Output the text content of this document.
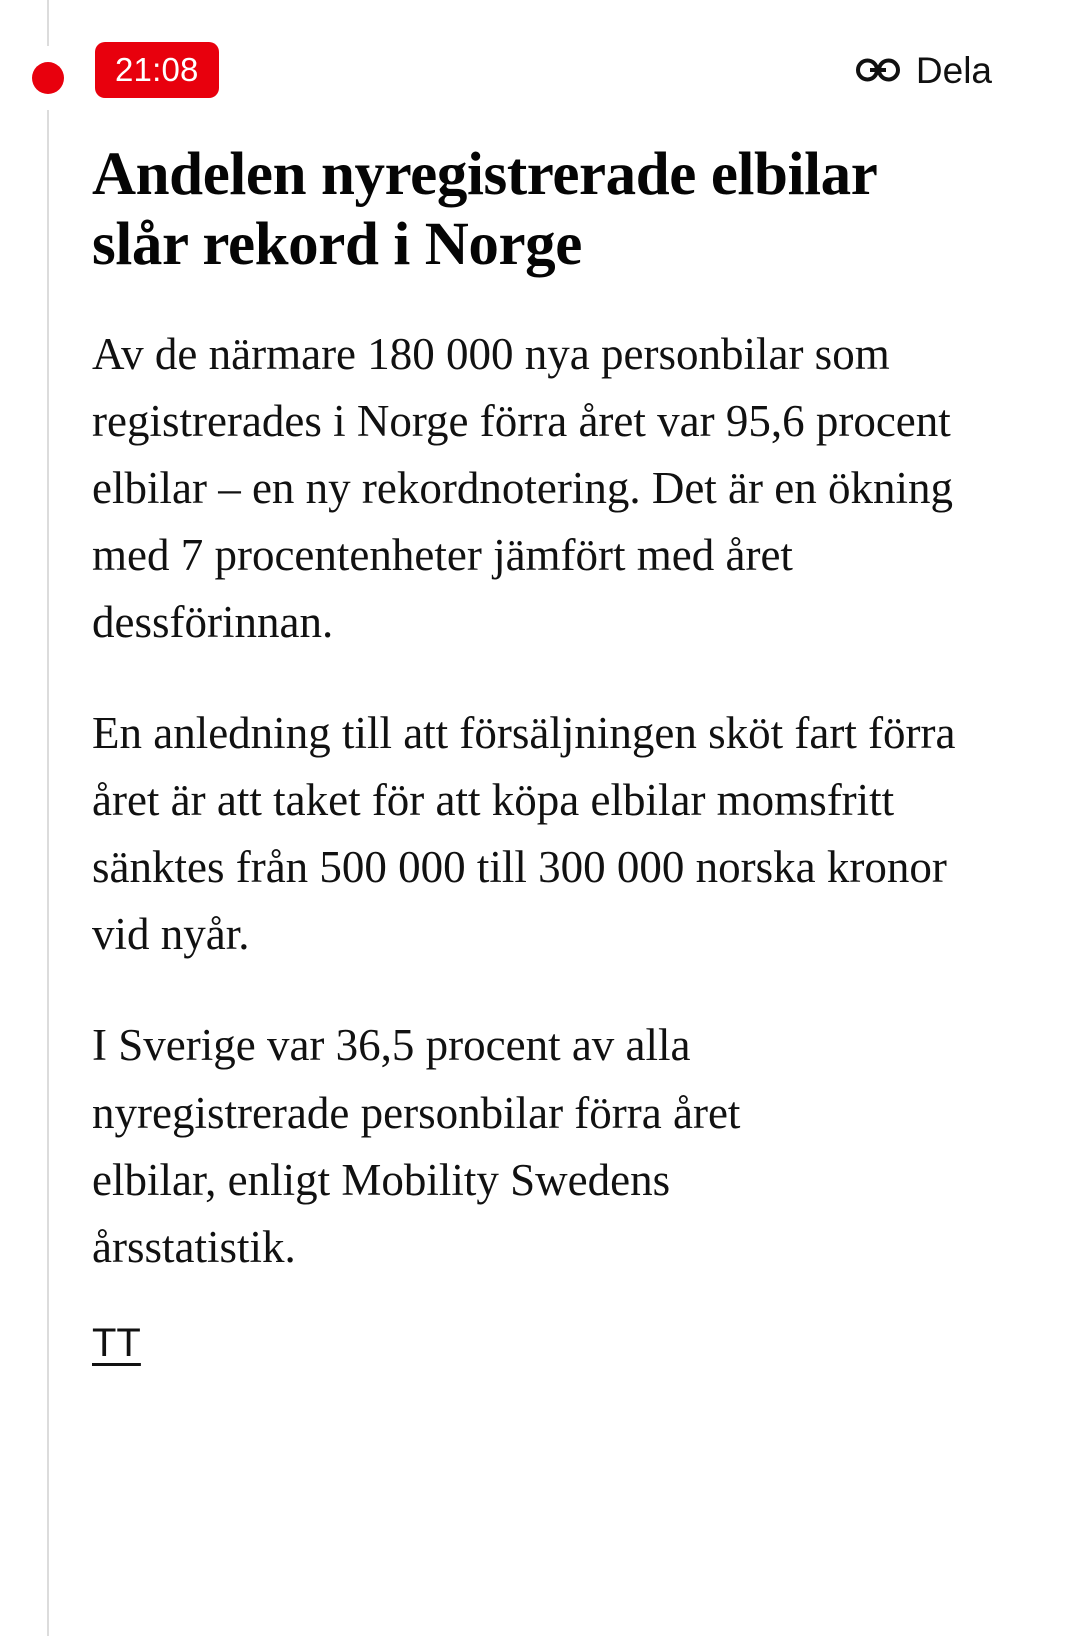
21:08	Dela
Andelen nyregistrerade elbilar slår rekord i Norge

Av de närmare 180 000 nya personbilar som registrerades i Norge förra året var 95,6 procent elbilar – en ny rekordnotering. Det är en ökning med 7 procentenheter jämfört med året dessförinnan.

En anledning till att försäljningen sköt fart förra året är att taket för att köpa elbilar momsfritt sänktes från 500 000 till 300 000 norska kronor vid nyår.

I Sverige var 36,5 procent av alla nyregistrerade personbilar förra året elbilar, enligt Mobility Swedens årsstatistik.

TT
